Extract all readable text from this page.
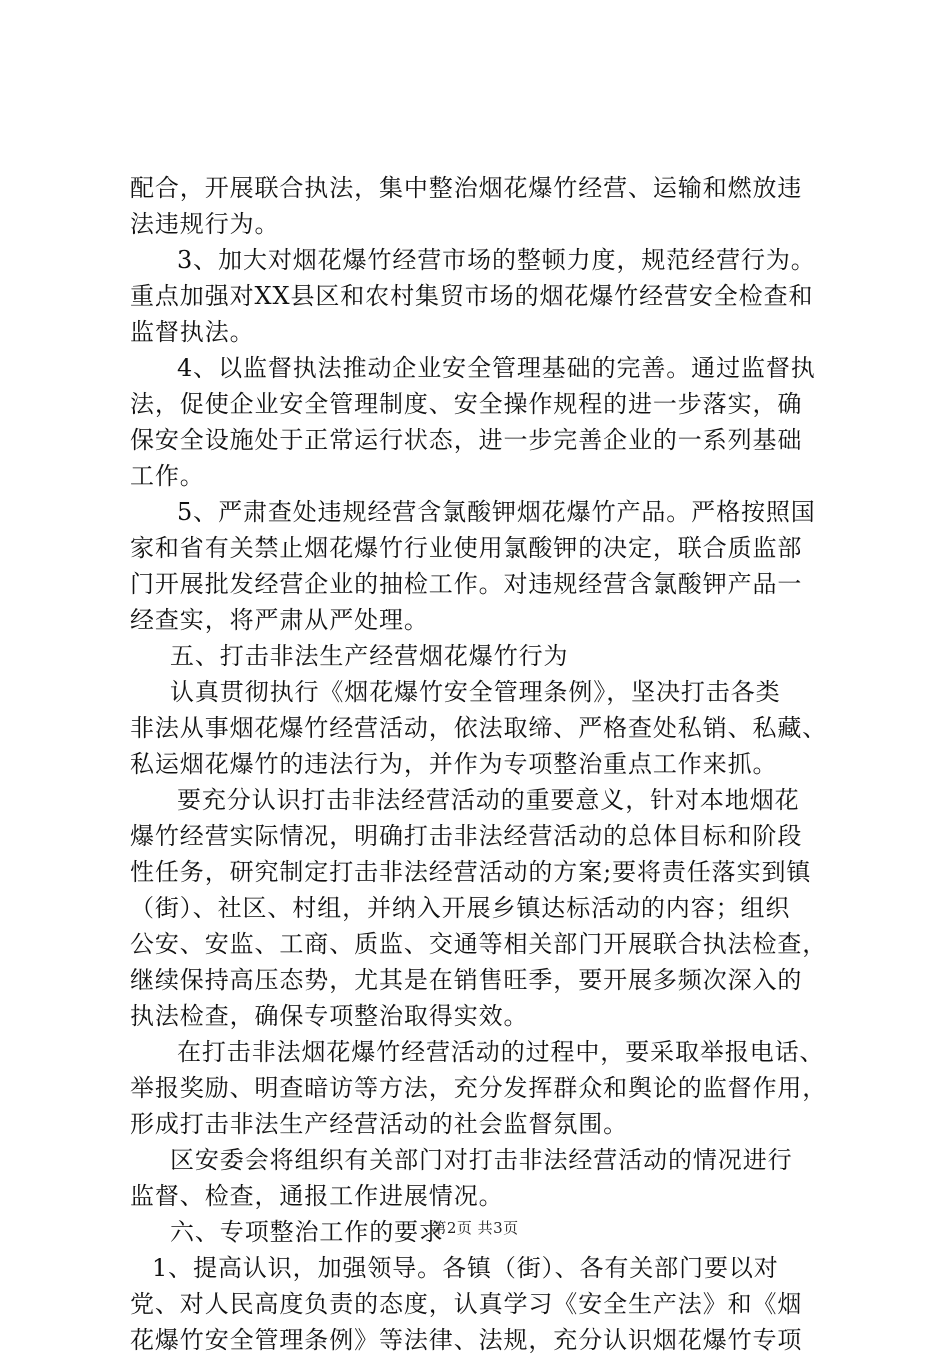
配合，开展联合执法，集中整治烟花爆竹经营、运输和燃放违
法违规行为。
3、加大对烟花爆竹经营市场的整顿力度，规范经营行为。
重点加强对XX县区和农村集贸市场的烟花爆竹经营安全检查和
监督执法。
4、以监督执法推动企业安全管理基础的完善。通过监督执
法，促使企业安全管理制度、安全操作规程的进一步落实，确
保安全设施处于正常运行状态，进一步完善企业的一系列基础
工作。
5、严肃查处违规经营含氯酸钾烟花爆竹产品。严格按照国
家和省有关禁止烟花爆竹行业使用氯酸钾的决定，联合质监部
门开展批发经营企业的抽检工作。对违规经营含氯酸钾产品一
经查实，将严肃从严处理。
五、打击非法生产经营烟花爆竹行为
认真贯彻执行《烟花爆竹安全管理条例》，坚决打击各类
非法从事烟花爆竹经营活动，依法取缔、严格查处私销、私藏、
私运烟花爆竹的违法行为，并作为专项整治重点工作来抓。
要充分认识打击非法经营活动的重要意义，针对本地烟花
爆竹经营实际情况，明确打击非法经营活动的总体目标和阶段
性任务，研究制定打击非法经营活动的方案;要将责任落实到镇
（街）、社区、村组，并纳入开展乡镇达标活动的内容；组织
公安、安监、工商、质监、交通等相关部门开展联合执法检查，
继续保持高压态势，尤其是在销售旺季，要开展多频次深入的
执法检查，确保专项整治取得实效。
在打击非法烟花爆竹经营活动的过程中，要采取举报电话、
举报奖励、明查暗访等方法，充分发挥群众和舆论的监督作用，
形成打击非法生产经营活动的社会监督氛围。
区安委会将组织有关部门对打击非法经营活动的情况进行
监督、检查，通报工作进展情况。
六、专项整治工作的要求
1、提高认识，加强领导。各镇（街）、各有关部门要以对
党、对人民高度负责的态度，认真学习《安全生产法》和《烟
花爆竹安全管理条例》等法律、法规，充分认识烟花爆竹专项
第2页 共3页
